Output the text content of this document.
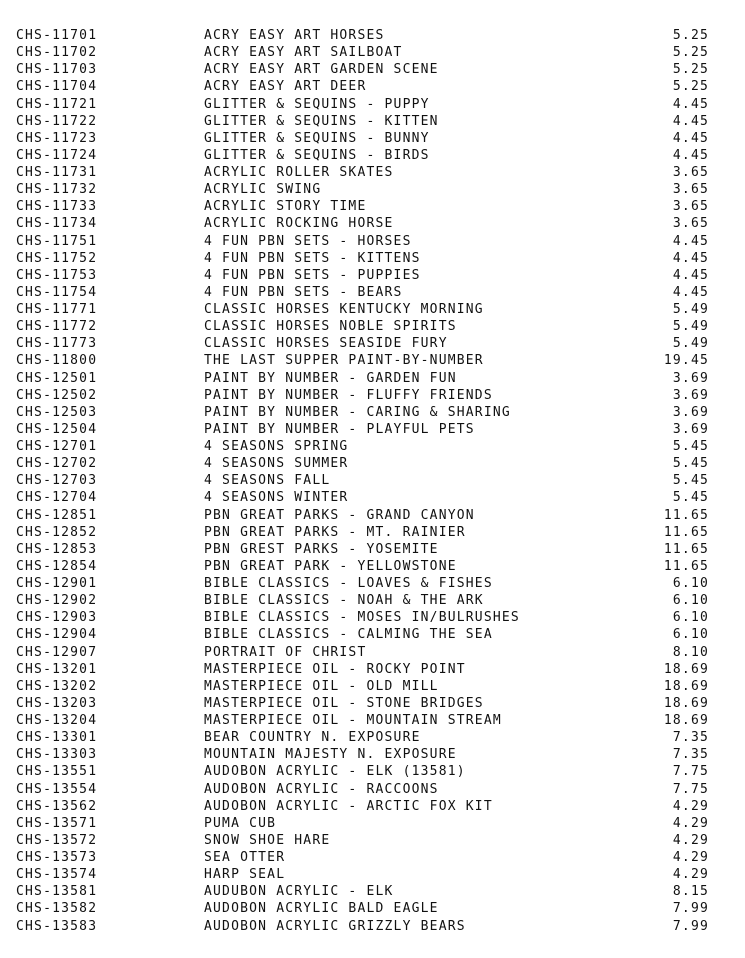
CHS-11701	ACRY EASY ART HORSES	5.25
CHS-11702	ACRY EASY ART SAILBOAT	5.25
CHS-11703	ACRY EASY ART GARDEN SCENE	5.25
CHS-11704	ACRY EASY ART DEER	5.25
CHS-11721	GLITTER & SEQUINS - PUPPY	4.45
CHS-11722	GLITTER & SEQUINS - KITTEN	4.45
CHS-11723	GLITTER & SEQUINS - BUNNY	4.45
CHS-11724	GLITTER & SEQUINS - BIRDS	4.45
CHS-11731	ACRYLIC ROLLER SKATES	3.65
CHS-11732	ACRYLIC SWING	3.65
CHS-11733	ACRYLIC STORY TIME	3.65
CHS-11734	ACRYLIC ROCKING HORSE	3.65
CHS-11751	4 FUN PBN SETS - HORSES	4.45
CHS-11752	4 FUN PBN SETS - KITTENS	4.45
CHS-11753	4 FUN PBN SETS - PUPPIES	4.45
CHS-11754	4 FUN PBN SETS - BEARS	4.45
CHS-11771	CLASSIC HORSES KENTUCKY MORNING	5.49
CHS-11772	CLASSIC HORSES NOBLE SPIRITS	5.49
CHS-11773	CLASSIC HORSES SEASIDE FURY	5.49
CHS-11800	THE LAST SUPPER PAINT-BY-NUMBER	19.45
CHS-12501	PAINT BY NUMBER - GARDEN FUN	3.69
CHS-12502	PAINT BY NUMBER - FLUFFY FRIENDS	3.69
CHS-12503	PAINT BY NUMBER - CARING & SHARING	3.69
CHS-12504	PAINT BY NUMBER - PLAYFUL PETS	3.69
CHS-12701	4 SEASONS SPRING	5.45
CHS-12702	4 SEASONS SUMMER	5.45
CHS-12703	4 SEASONS FALL	5.45
CHS-12704	4 SEASONS WINTER	5.45
CHS-12851	PBN GREAT PARKS - GRAND CANYON	11.65
CHS-12852	PBN GREAT PARKS - MT. RAINIER	11.65
CHS-12853	PBN GREST PARKS - YOSEMITE	11.65
CHS-12854	PBN GREAT PARK - YELLOWSTONE	11.65
CHS-12901	BIBLE CLASSICS - LOAVES & FISHES	6.10
CHS-12902	BIBLE CLASSICS - NOAH & THE ARK	6.10
CHS-12903	BIBLE CLASSICS - MOSES IN/BULRUSHES	6.10
CHS-12904	BIBLE CLASSICS - CALMING THE SEA	6.10
CHS-12907	PORTRAIT OF CHRIST	8.10
CHS-13201	MASTERPIECE OIL - ROCKY POINT	18.69
CHS-13202	MASTERPIECE OIL - OLD MILL	18.69
CHS-13203	MASTERPIECE OIL - STONE BRIDGES	18.69
CHS-13204	MASTERPIECE OIL - MOUNTAIN STREAM	18.69
CHS-13301	BEAR COUNTRY N. EXPOSURE	7.35
CHS-13303	MOUNTAIN MAJESTY N. EXPOSURE	7.35
CHS-13551	AUDOBON ACRYLIC - ELK (13581)	7.75
CHS-13554	AUDOBON ACRYLIC - RACCOONS	7.75
CHS-13562	AUDOBON ACRYLIC - ARCTIC FOX KIT	4.29
CHS-13571	PUMA CUB	4.29
CHS-13572	SNOW SHOE HARE	4.29
CHS-13573	SEA OTTER	4.29
CHS-13574	HARP SEAL	4.29
CHS-13581	AUDUBON ACRYLIC - ELK	8.15
CHS-13582	AUDOBON ACRYLIC BALD EAGLE	7.99
CHS-13583	AUDOBON ACRYLIC GRIZZLY BEARS	7.99
